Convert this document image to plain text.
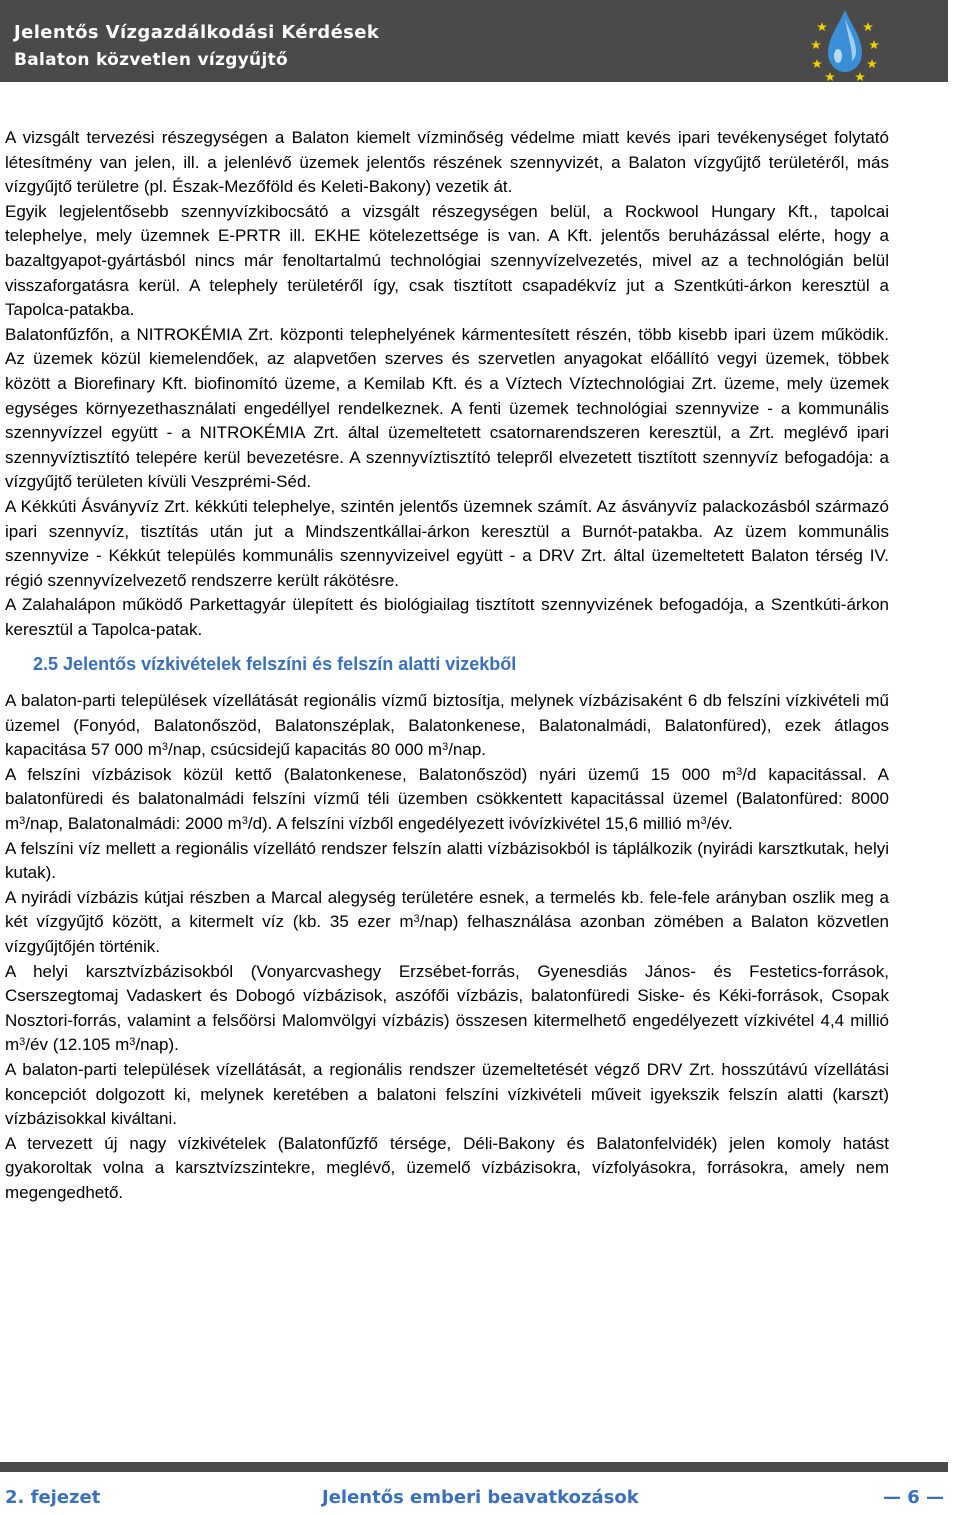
Jelentős Vízgazdálkodási Kérdések
Balaton közvetlen vízgyűjtő

A vizsgált tervezési részegységen a Balaton kiemelt vízminőség védelme miatt kevés ipari tevékenységet folytató létesítmény van jelen, ill. a jelenlévő üzemek jelentős részének szennyvizét, a Balaton vízgyűjtő területéről, más vízgyűjtő területre (pl. Észak-Mezőföld és Keleti-Bakony) vezetik át.

Egyik legjelentősebb szennyvízkibocsátó a vizsgált részegységen belül, a Rockwool Hungary Kft., tapolcai telephelye, mely üzemnek E-PRTR ill. EKHE kötelezettsége is van. A Kft. jelentős beruházással elérte, hogy a bazaltgyapot-gyártásból nincs már fenoltartalmú technológiai szennyvízelvezetés, mivel az a technológián belül visszaforgatásra kerül. A telephely területéről így, csak tisztított csapadékvíz jut a Szentkúti-árkon keresztül a Tapolca-patakba.

Balatonfűzfőn, a NITROKÉMIA Zrt. központi telephelyének kármentesített részén, több kisebb ipari üzem működik. Az üzemek közül kiemelendőek, az alapvetően szerves és szervetlen anyagokat előállító vegyi üzemek, többek között a Biorefinary Kft. biofinomító üzeme, a Kemilab Kft. és a Víztech Víztechnológiai Zrt. üzeme, mely üzemek egységes környezethasználati engedéllyel rendelkeznek. A fenti üzemek technológiai szennyvize - a kommunális szennyvízzel együtt - a NITROKÉMIA Zrt. által üzemeltetett csatornarendszeren keresztül, a Zrt. meglévő ipari szennyvíztisztító telepére kerül bevezetésre. A szennyvíztisztító telepről elvezetett tisztított szennyvíz befogadója: a vízgyűjtő területen kívüli Veszprémi-Séd.

A Kékkúti Ásványvíz Zrt. kékkúti telephelye, szintén jelentős üzemnek számít. Az ásványvíz palackozásból származó ipari szennyvíz, tisztítás után jut a Mindszentkállai-árkon keresztül a Burnót-patakba. Az üzem kommunális szennyvize - Kékkút település kommunális szennyvizeivel együtt - a DRV Zrt. által üzemeltetett Balaton térség IV. régió szennyvízelvezető rendszerre került rákötésre.

A Zalahalápon működő Parkettagyár ülepített és biológiailag tisztított szennyvizének befogadója, a Szentkúti-árkon keresztül a Tapolca-patak.

2.5 Jelentős vízkivételek felszíni és felszín alatti vizekből

A balaton-parti települések vízellátását regionális vízmű biztosítja, melynek vízbázisaként 6 db felszíni vízkivételi mű üzemel (Fonyód, Balatonőszöd, Balatonszéplak, Balatonkenese, Balatonalmádi, Balatonfüred), ezek átlagos kapacitása 57 000 $m^3$/nap, csúcsidejű kapacitás 80 000 $m^3$/nap.

A felszíni vízbázisok közül kettő (Balatonkenese, Balatonőszöd) nyári üzemű 15 000 $m^3/d$ kapacitással. A balatonfüredi és balatonalmádi felszíni vízmű téli üzemben csökkentett kapacitással üzemel (Balatonfüred: 8000 $m^3$/nap, Balatonalmádi: 2000 $m^3/d$). A felszíni vízből engedélyezett ivóvízkivétel 15,6 millió $m^3/év$.

A felszíni víz mellett a regionális vízellátó rendszer felszín alatti vízbázisokból is táplálkozik (nyirádi karsztkutak, helyi kutak).

A nyirádi vízbázis kútjai részben a Marcal alegység területére esnek, a termelés kb. fele-fele arányban oszlik meg a két vízgyűjtő között, a kitermelt víz (kb. 35 ezer $m^3/nap$) felhasználása azonban zömében a Balaton közvetlen vízgyűjtőjén történik.

A helyi karsztvízbázisokból (Vonyarcvashegy Erzsébet-forrás, Gyenesdiás János- és Festetics-források, Cserszegtomaj Vadaskert és Dobogó vízbázisok, aszófői vízbázis, balatonfüredi Siske- és Kéki-források, Csopak Nosztori-forrás, valamint a felsőörsi Malomvölgyi vízbázis) összesen kitermelhető engedélyezett vízkivétel 4,4 millió $m^3/év$ (12.105 $m^3/nap$).

A balaton-parti települések vízellátását, a regionális rendszer üzemeltetését végző DRV Zrt. hosszútávú vízellátási koncepciót dolgozott ki, melynek keretében a balatoni felszíni vízkivételi műveit igyekszik felszín alatti (karszt) vízbázisokkal kiváltani.

A tervezett új nagy vízkivételek (Balatonfűzfő térsége, Déli-Bakony és Balatonfelvidék) jelen komoly hatást gyakoroltak volna a karsztvízszintekre, meglévő, üzemelő vízbázisokra, vízfolyásokra, forrásokra, amely nem megengedhető.

2. fejezet	Jelentős emberi beavatkozások	— 6 —
